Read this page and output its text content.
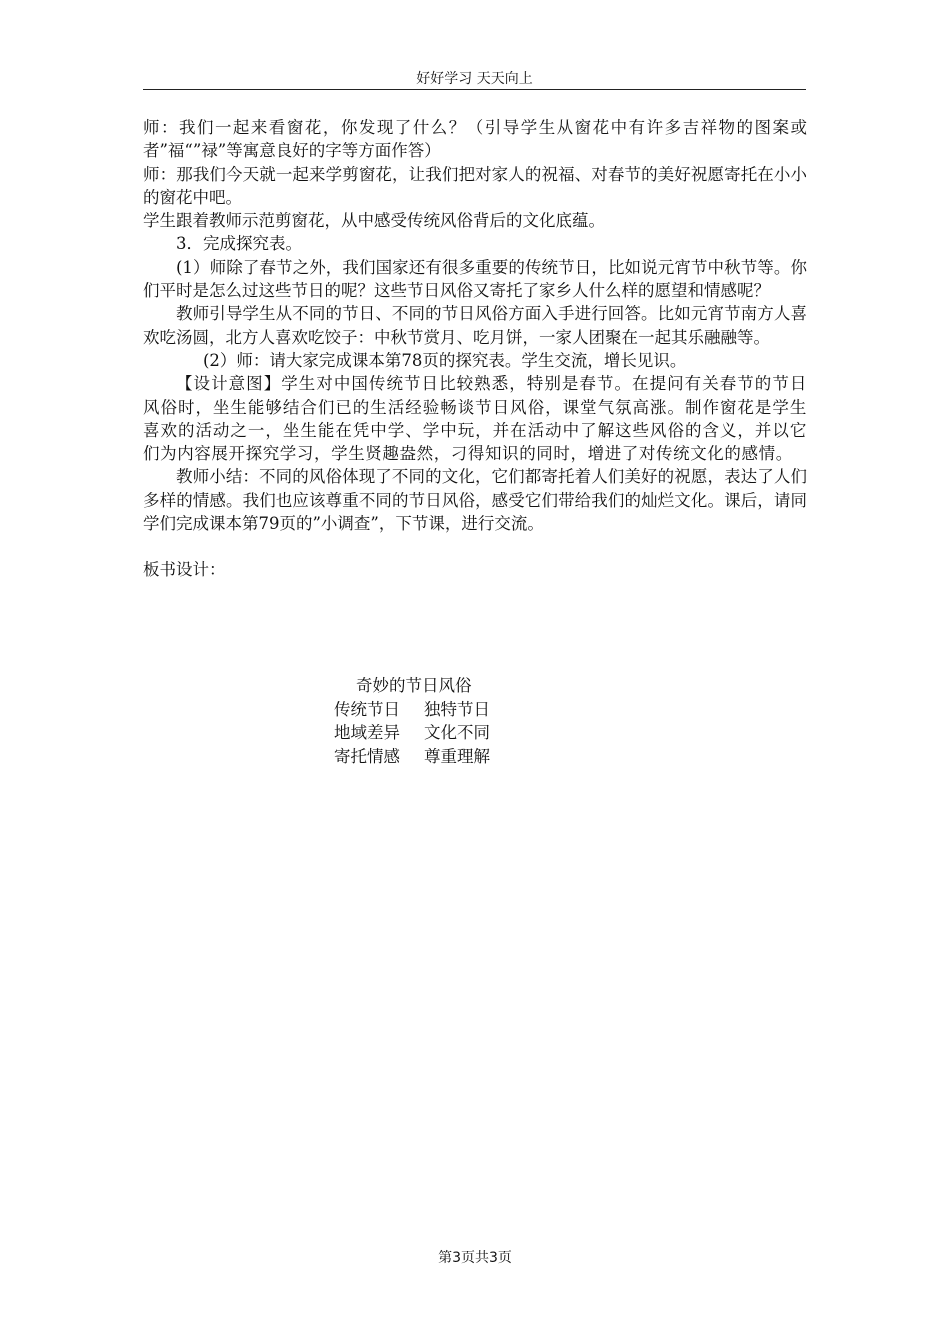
好好学习 天天向上

师：我们一起来看窗花，你发现了什么？（引导学生从窗花中有许多吉祥物的图案或者”福“”禄”等寓意良好的字等方面作答）

师：那我们今天就一起来学剪窗花，让我们把对家人的祝福、对春节的美好祝愿寄托在小小的窗花中吧。

学生跟着教师示范剪窗花，从中感受传统风俗背后的文化底蕴。

3．完成探究表。

(1）师除了春节之外，我们国家还有很多重要的传统节日，比如说元宵节中秋节等。你们平时是怎么过这些节日的呢？这些节日风俗又寄托了家乡人什么样的愿望和情感呢？

教师引导学生从不同的节日、不同的节日风俗方面入手进行回答。比如元宵节南方人喜欢吃汤圆，北方人喜欢吃饺子：中秋节赏月、吃月饼，一家人团聚在一起其乐融融等。

(2）师：请大家完成课本第78页的探究表。学生交流，增长见识。

【设计意图】学生对中国传统节日比较熟悉，特别是春节。在提问有关春节的节日风俗时，坐生能够结合们已的生活经验畅谈节日风俗，课堂气氛高涨。制作窗花是学生喜欢的活动之一，坐生能在凭中学、学中玩，并在活动中了解这些风俗的含义，并以它们为内容展开探究学习，学生贤趣盎然，刁得知识的同时，增进了对传统文化的感情。

教师小结：不同的风俗体现了不同的文化，它们都寄托着人们美好的祝愿，表达了人们多样的情感。我们也应该尊重不同的节日风俗，感受它们带给我们的灿烂文化。课后，请同学们完成课本第79页的”小调查”，下节课，进行交流。

板书设计：

奇妙的节日风俗
传统节日 独特节日
地域差异 文化不同
寄托情感 尊重理解
第3页共3页
